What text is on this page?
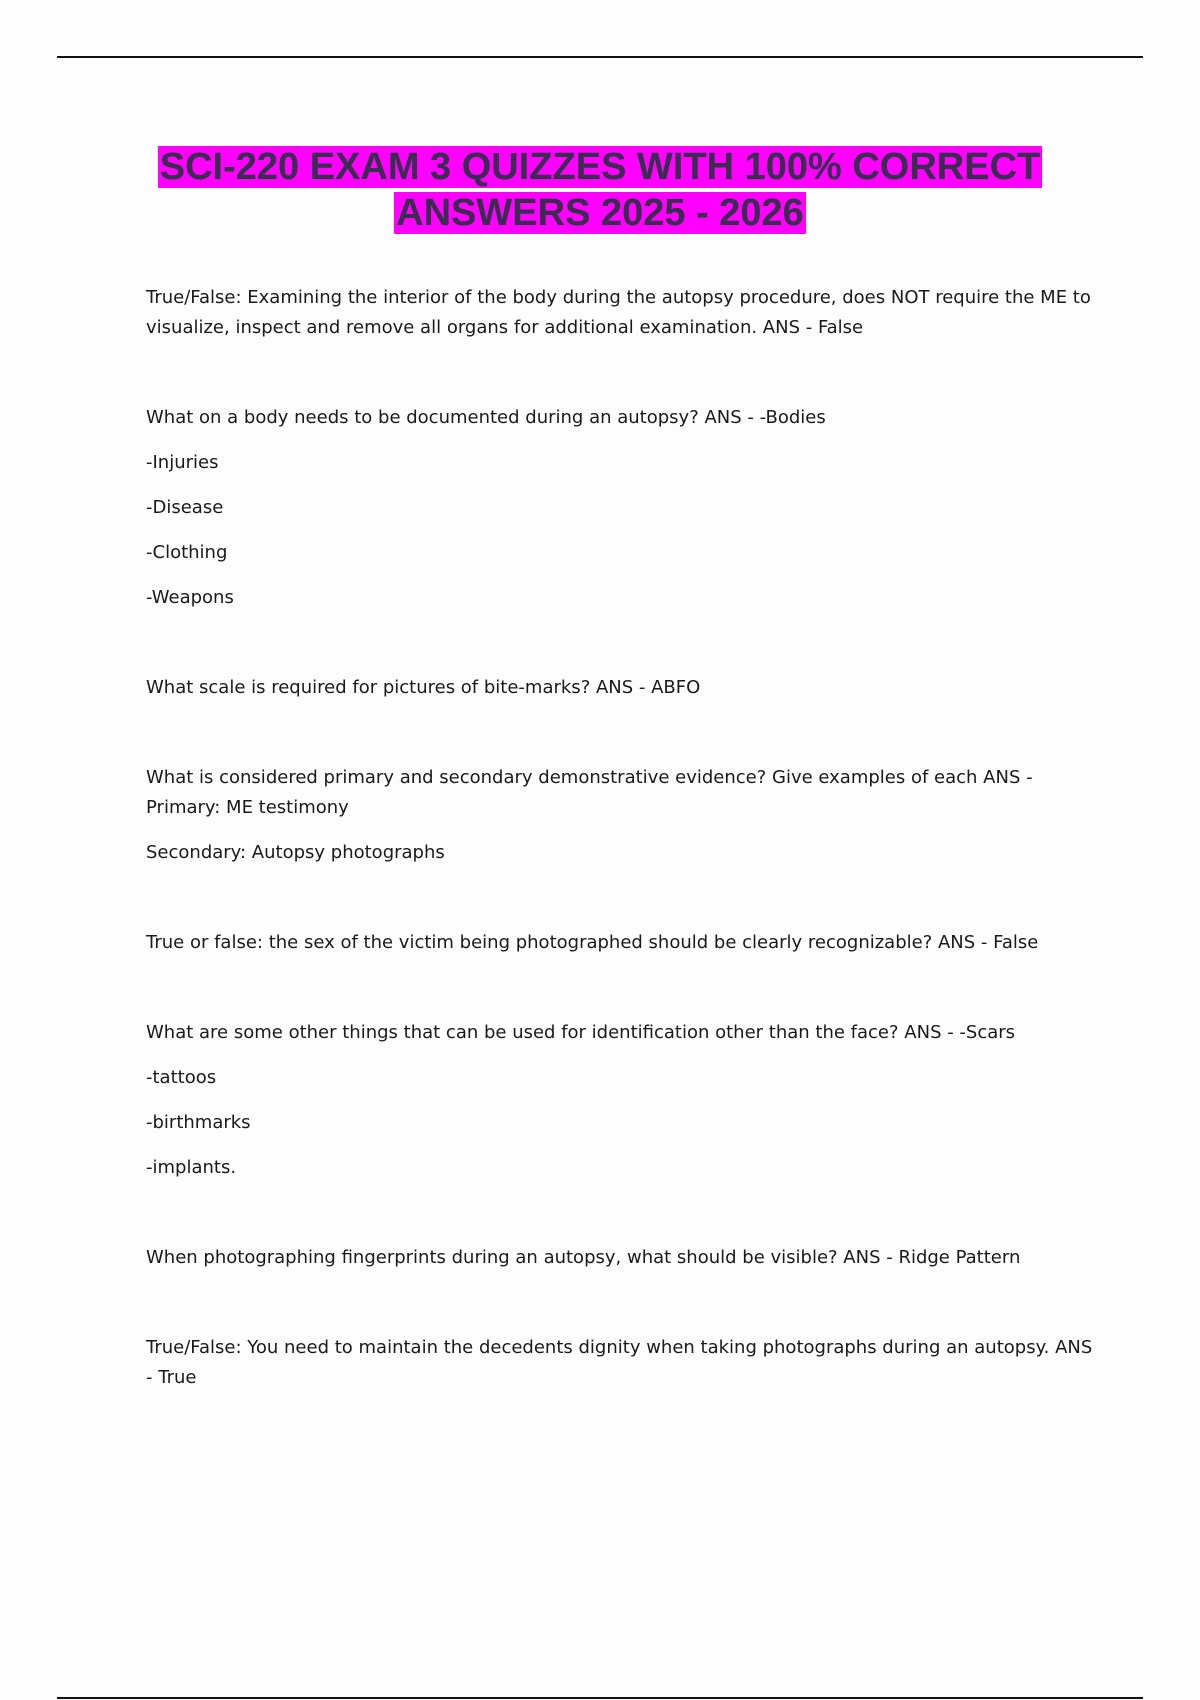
SCI-220 EXAM 3 QUIZZES WITH 100% CORRECT
ANSWERS 2025 - 2026

True/False: Examining the interior of the body during the autopsy procedure, does NOT require the ME to visualize, inspect and remove all organs for additional examination. ANS - False

What on a body needs to be documented during an autopsy? ANS - -Bodies

-Injuries

-Disease

-Clothing

-Weapons

What scale is required for pictures of bite-marks? ANS - ABFO

What is considered primary and secondary demonstrative evidence? Give examples of each ANS - Primary: ME testimony

Secondary: Autopsy photographs

True or false: the sex of the victim being photographed should be clearly recognizable? ANS - False

What are some other things that can be used for identification other than the face? ANS - -Scars

-tattoos

-birthmarks

-implants.

When photographing fingerprints during an autopsy, what should be visible? ANS - Ridge Pattern

True/False: You need to maintain the decedents dignity when taking photographs during an autopsy. ANS - True
